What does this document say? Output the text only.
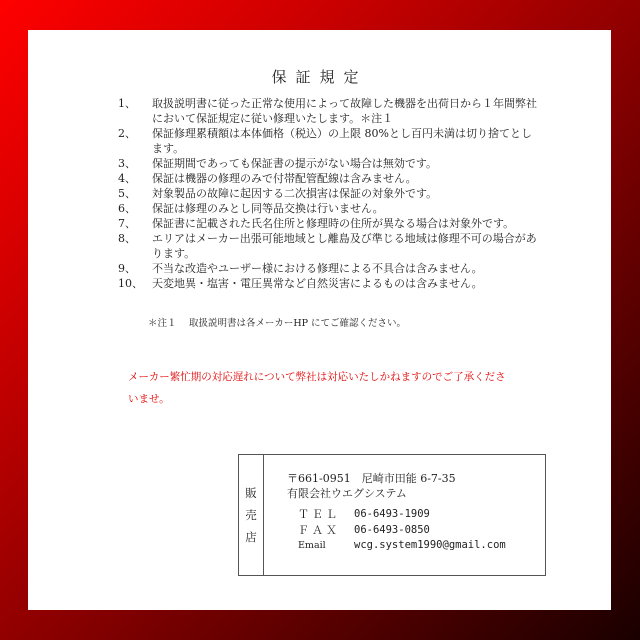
保証規定
1、	取扱説明書に従った正常な使用によって故障した機器を出荷日から１年間弊社において保証規定に従い修理いたします。＊注１
2、	保証修理累積額は本体価格（税込）の上限 80%とし百円未満は切り捨てとします。
3、	保証期間であっても保証書の提示がない場合は無効です。
4、	保証は機器の修理のみで付帯配管配線は含みません。
5、	対象製品の故障に起因する二次損害は保証の対象外です。
6、	保証は修理のみとし同等品交換は行いません。
7、	保証書に記載された氏名住所と修理時の住所が異なる場合は対象外です。
8、	エリアはメーカー出張可能地域とし離島及び準じる地域は修理不可の場合があります。
9、	不当な改造やユーザー様における修理による不具合は含みません。
10、 天変地異・塩害・電圧異常など自然災害によるものは含みません。
＊注１　 取扱説明書は各メーカーHP にてご確認ください。
メーカー繁忙期の対応遅れについて弊社は対応いたしかねますのでご了承くださいませ。
販
売
店
〒661-0951　尼崎市田能 6-7-35
有限会社ウエグシステム
ＴＥＬ	06-6493-1909
ＦＡＸ	06-6493-0850
Email	wcg.system1990@gmail.com
